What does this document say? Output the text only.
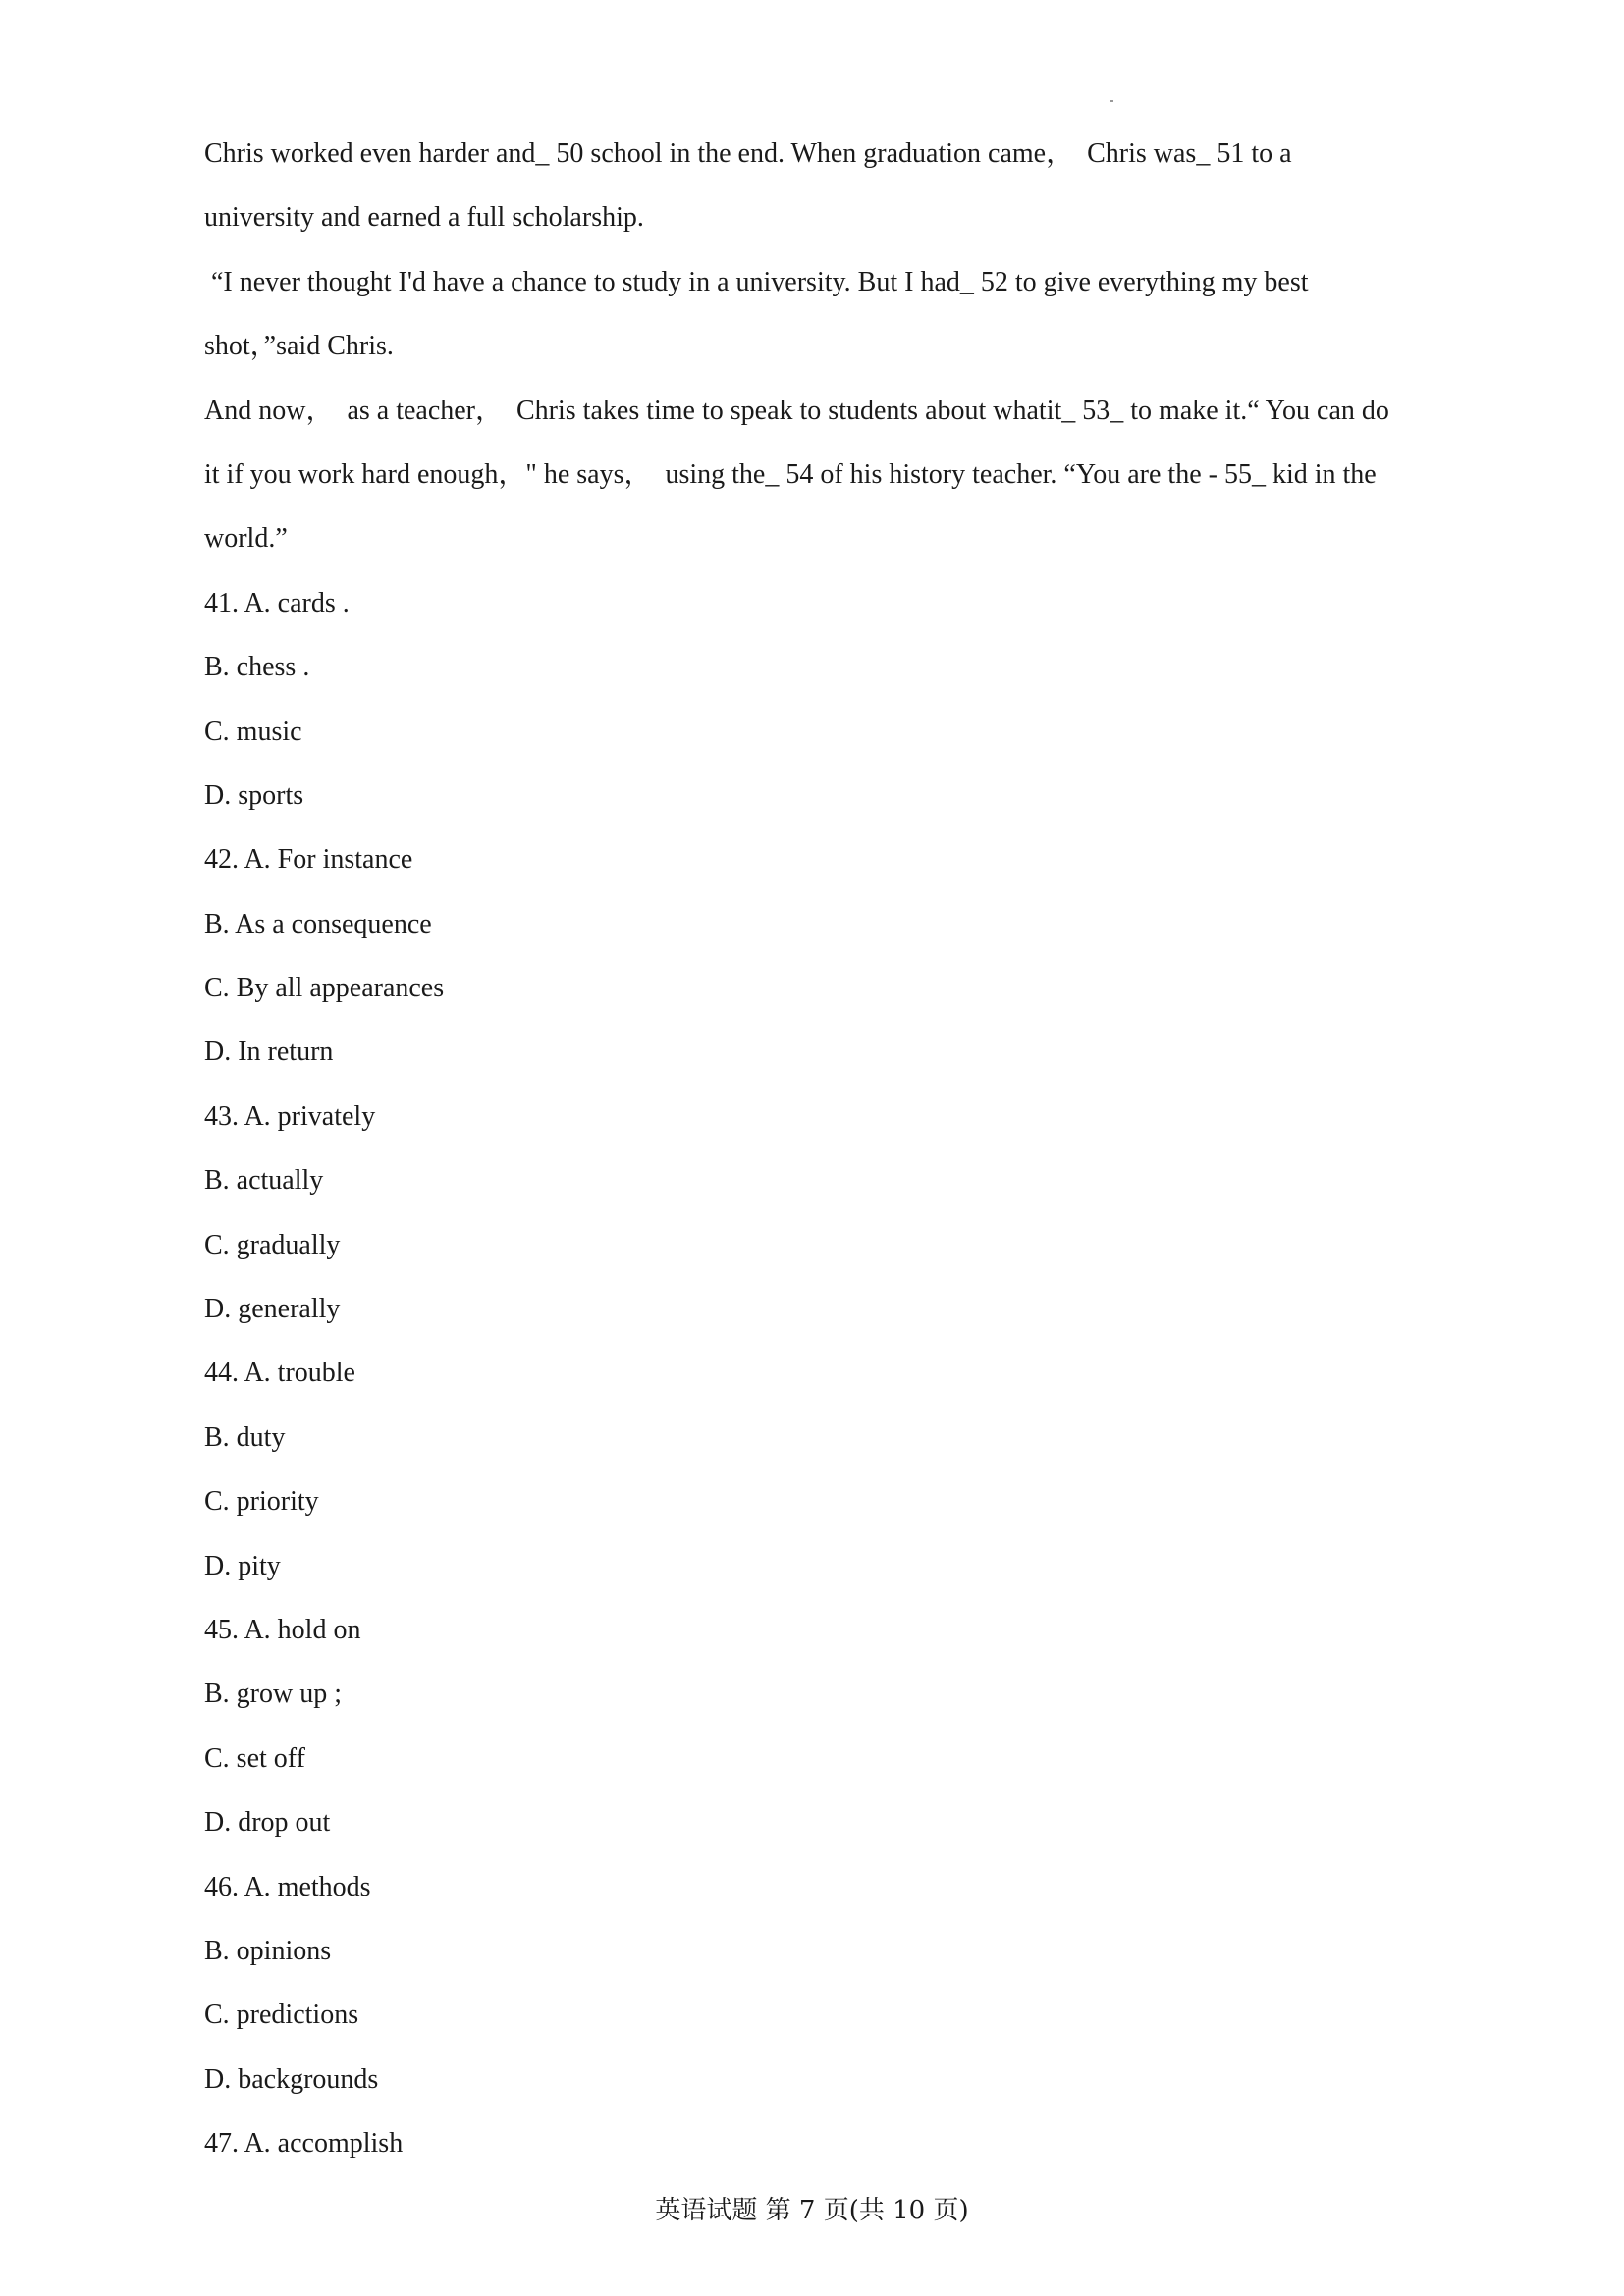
Chris worked even harder and_ 50 school in the end. When graduation came，  Chris was_ 51 to a
university and earned a full scholarship.
“I never thought I'd have a chance to study in a university. But I had_ 52 to give everything my best
shot，”said Chris.
And now，  as a teacher，  Chris takes time to speak to students about whatit_ 53_ to make it.“ You can do
it if you work hard enough，" he says，  using the_ 54 of his history teacher. “You are the - 55_ kid in the
world.”
41. A. cards .
B. chess .
C. music
D. sports
42. A. For instance
B. As a consequence
C. By all appearances
D. In return
43. A. privately
B. actually
C. gradually
D. generally
44. A. trouble
B. duty
C. priority
D. pity
45. A. hold on
B. grow up ;
C. set off
D. drop out
46. A. methods
B. opinions
C. predictions
D. backgrounds
47. A. accomplish
英语试题 第 7 页(共 10 页)
